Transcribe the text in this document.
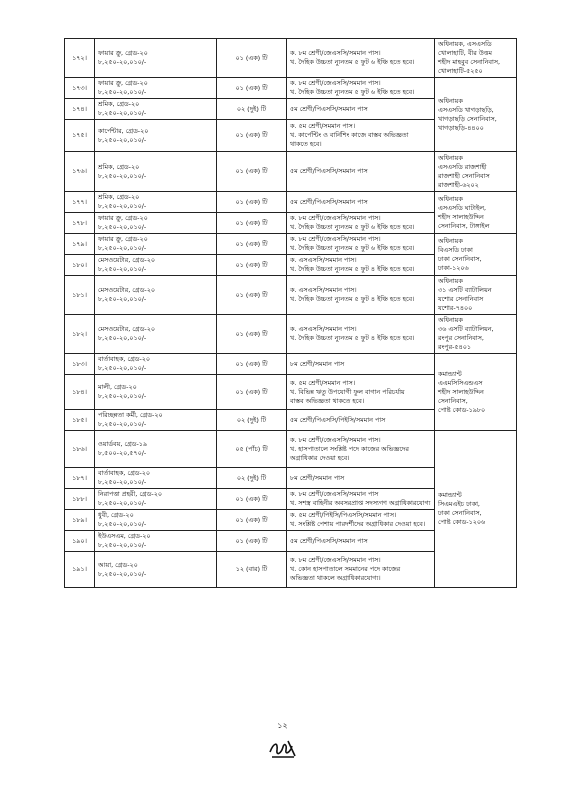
১৭২।	ফায়ার ক্রু, গ্রেড-২০
৮,২৫০-২০,০১০/-	০১ (এক) টি	ক. ৮ম শ্রেণী/জেএসসি/সমমান পাস।
খ. দৈহিক উচ্চতা ন্যুনতম ৫ ফুট ৬ ইঞ্চি হতে হবে।	অধিনায়ক, এসএসডি
খোলাহাটি, বীর উত্তম
শহীদ মাহবুব সেনানিবাস,
খোলাহাটি-৫২৫০

১৭৩।	ফায়ার ক্রু, গ্রেড-২০
৮,২৫০-২০,০১০/-	০১ (এক) টি	ক. ৮ম শ্রেণী/জেএসসি/সমমান পাস।
খ. দৈহিক উচ্চতা ন্যুনতম ৫ ফুট ৬ ইঞ্চি হতে হবে।	অধিনায়ক
এসএসডি খাগড়াছড়ি,
খাগড়াছড়ি সেনানিবাস,
খাগড়াছড়ি-৪৪০০

১৭৪।	শ্রমিক, গ্রেড-২০
৮,২৫০-২০,০১০/-	০২ (দুই) টি	৫ম শ্রেণী/পিএসসি/সমমান পাস	

১৭৫।	কার্পেন্টার, গ্রেড-২০
৮,২৫০-২০,০১০/-	০১ (এক) টি	ক. ৫ম শ্রেণী/সমমান পাস।
খ. কার্পেন্টিং ও বার্নিশিং কাজে বাস্তব অভিজ্ঞতা
থাকতে হবে।	

১৭৬।	শ্রমিক, গ্রেড-২০
৮,২৫০-২০,০১০/-	০১ (এক) টি	৫ম শ্রেণী/পিএসসি/সমমান পাস	অধিনায়ক
এসএসডি রাজশাহী
রাজশাহী সেনানিবাস
রাজশাহী-৬২০২

১৭৭।	শ্রমিক, গ্রেড-২০
৮,২৫০-২০,০১০/-	০১ (এক) টি	৫ম শ্রেণী/পিএসসি/সমমান পাস	অধিনায়ক
এসএসডি ঘাটাইল,
শহীদ সালাহউদ্দিন
সেনানিবাস, টাঙ্গাইল

১৭৮।	ফায়ার ক্রু, গ্রেড-২০
৮,২৫০-২০,০১০/-	০১ (এক) টি	ক. ৮ম শ্রেণী/জেএসসি/সমমান পাস।
খ. দৈহিক উচ্চতা ন্যুনতম ৫ ফুট ৬ ইঞ্চি হতে হবে।	

১৭৯।	ফায়ার ক্রু, গ্রেড-২০
৮,২৫০-২০,০১০/-	০১ (এক) টি	ক. ৮ম শ্রেণী/জেএসসি/সমমান পাস।
খ. দৈহিক উচ্চতা ন্যুনতম ৫ ফুট ৬ ইঞ্চি হতে হবে।	অধিনায়ক
বিএসডি ঢাকা
ঢাকা সেনানিবাস,
ঢাকা-১২০৬

১৮০।	মেসওয়েটার, গ্রেড-২০
৮,২৫০-২০,০১০/-	০১ (এক) টি	ক. এসএসসি/সমমান পাস।
খ. দৈহিক উচ্চতা ন্যুনতম ৫ ফুট ৪ ইঞ্চি হতে হবে।	

১৮১।	মেসওয়েটার, গ্রেড-২০
৮,২৫০-২০,০১০/-	০১ (এক) টি	ক. এসএসসি/সমমান পাস।
খ. দৈহিক উচ্চতা ন্যুনতম ৫ ফুট ৪ ইঞ্চি হতে হবে।	অধিনায়ক
৩১ এসটি ব্যাটালিয়ন
যশোর সেনানিবাস
যশোর-৭৪০০

১৮২।	মেসওয়েটার, গ্রেড-২০
৮,২৫০-২০,০১০/-	০১ (এক) টি	ক. এসএসসি/সমমান পাস।
খ. দৈহিক উচ্চতা ন্যুনতম ৫ ফুট ৪ ইঞ্চি হতে হবে।	অধিনায়ক
৩৬ এসটি ব্যাটালিয়ন,
রংপুর সেনানিবাস,
রংপুর-৫৪০১

১৮৩।	বার্তাবাহক, গ্রেড-২০
৮,২৫০-২০,০১০/-	০১ (এক) টি	৮ম শ্রেণী/সমমান পাস	কমান্ড্যান্ট
এএমসিসিএন্ডএস
শহীদ সালাহউদ্দিন
সেনানিবাস,
পোষ্ট কোড-১৯৮০

১৮৪।	মালী, গ্রেড-২০
৮,২৫০-২০,০১০/-	০১ (এক) টি	ক. ৫ম শ্রেণী/সমমান পাস।
খ. বিভিন্ন ঋতু উপযোগী ফুল বাগান পরিচর্যায়
বাস্তব অভিজ্ঞতা থাকতে হবে।	

১৮৫।	পরিচ্ছন্নতা কর্মী, গ্রেড-২০
৮,২৫০-২০,০১০/-	০২ (দুই) টি	৫ম শ্রেণী/পিএসসি/পিইসি/সমমান পাস	

১৮৬।	ওয়ার্ডবয়, গ্রেড-১৯
৮,৫০০-২০,৫৭০/-	০৫ (পাঁচ) টি	ক. ৮ম শ্রেণী/জেএসসি/সমমান পাস।
খ. হাসপাতালে সংশ্লিষ্ট পদে কাজের অভিজ্ঞদের
অগ্রাধিকার দেওয়া হবে।	কমান্ড্যান্ট
সিএমএইচ ঢাকা,
ঢাকা সেনানিবাস,
পোষ্ট কোড-১২০৬

১৮৭।	বার্তাবাহক, গ্রেড-২০
৮,২৫০-২০,০১০/-	০২ (দুই) টি	৮ম শ্রেণী/সমমান পাস	

১৮৮।	নিরাপত্তা প্রহরী, গ্রেড-২০
৮,২৫০-২০,০১০/-	০১ (এক) টি	ক. ৮ম শ্রেণী/জেএসসি/সমমান পাস
খ. সশস্ত্র বাহিনীর অবসরপ্রাপ্ত সদস্যগণ অগ্রাধিকারযোগ্য	

১৮৯।	ধুবী, গ্রেড-২০
৮,২৫০-২০,০১০/-	০১ (এক) টি	ক. ৫ম শ্রেণী/পিইসি/পিএসসি/সমমান পাস।
খ. সংশ্লিষ্ট পেশায় পারদর্শীদের অগ্রাধিকার দেওয়া হবে।	

১৯০।	ইউএসএম, গ্রেড-২০
৮,২৫০-২০,০১০/-	০১ (এক) টি	৫ম শ্রেণী/পিএসসি/সমমান পাস	

১৯১।	আয়া, গ্রেড-২০
৮,২৫০-২০,০১০/-	১২ (বার) টি	ক. ৮ম শ্রেণী/জেএসসি/সমমান পাস।
খ. কোন হাসপাতালে সমমানের পদে কাজের
অভিজ্ঞতা থাকলে অগ্রাধিকারযোগ্য।	
১২
